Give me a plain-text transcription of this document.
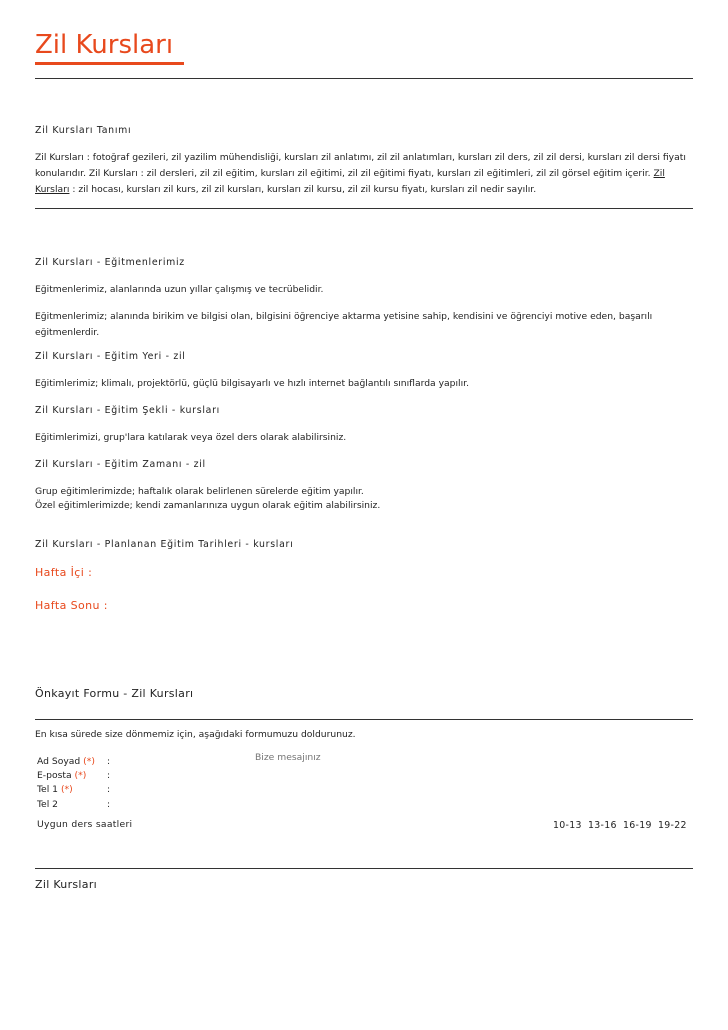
Zil Kursları
Zil Kursları Tanımı
Zil Kursları : fotoğraf gezileri, zil yazilim mühendisliği, kursları zil anlatımı, zil zil anlatımları, kursları zil ders, zil zil dersi, kursları zil dersi fiyatı konularıdır. Zil Kursları : zil dersleri, zil zil eğitim, kursları zil eğitimi, zil zil eğitimi fiyatı, kursları zil eğitimleri, zil zil görsel eğitim içerir. Zil Kursları : zil hocası, kursları zil kurs, zil zil kursları, kursları zil kursu, zil zil kursu fiyatı, kursları zil nedir sayılır.
Zil Kursları - Eğitmenlerimiz
Eğitmenlerimiz, alanlarında uzun yıllar çalışmış ve tecrübelidir.
Eğitmenlerimiz; alanında birikim ve bilgisi olan, bilgisini öğrenciye aktarma yetisine sahip, kendisini ve öğrenciyi motive eden, başarılı eğitmenlerdir.
Zil Kursları - Eğitim Yeri - zil
Eğitimlerimiz; klimalı, projektörlü, güçlü bilgisayarlı ve hızlı internet bağlantılı sınıflarda yapılır.
Zil Kursları - Eğitim Şekli - kursları
Eğitimlerimizi, grup'lara katılarak veya özel ders olarak alabilirsiniz.
Zil Kursları - Eğitim Zamanı - zil
Grup eğitimlerimizde; haftalık olarak belirlenen sürelerde eğitim yapılır.
Özel eğitimlerimizde; kendi zamanlarınıza uygun olarak eğitim alabilirsiniz.
Zil Kursları - Planlanan Eğitim Tarihleri - kursları
Hafta İçi :
Hafta Sonu :
Önkayıt Formu - Zil Kursları
En kısa sürede size dönmemiz için, aşağıdaki formumuzu doldurunuz.
Ad Soyad (*) :
E-posta (*) :
Tel 1 (*)	:
Tel 2	:
Bize mesajınız
Uygun ders saatleri	10-13 13-16 16-19 19-22
Zil Kursları
